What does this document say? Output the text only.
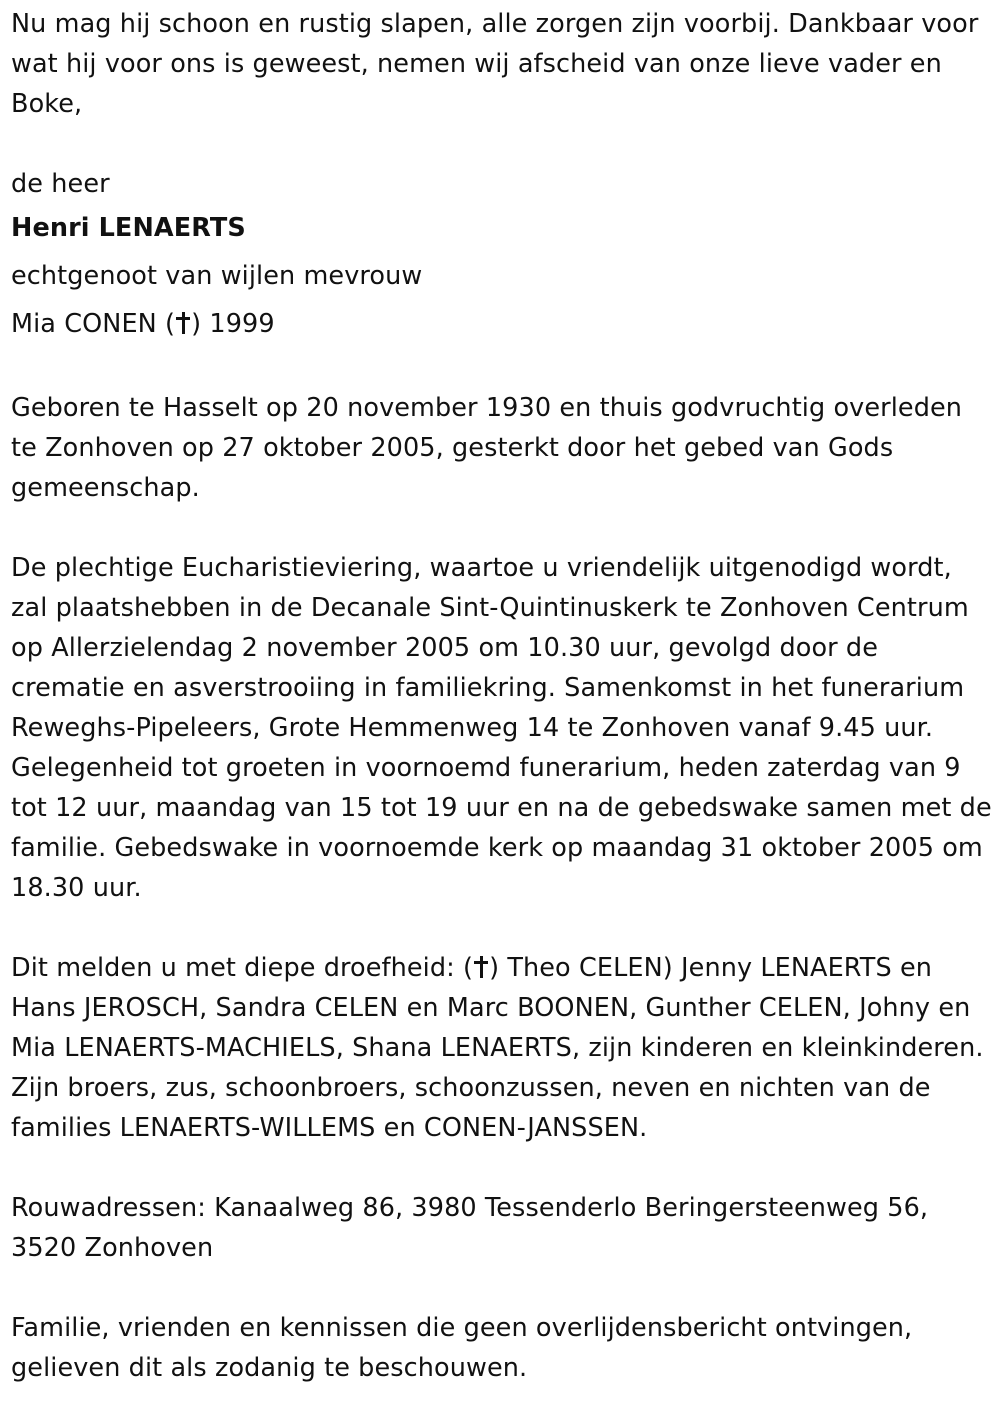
Nu mag hij schoon en rustig slapen, alle zorgen zijn voorbij. Dankbaar voor wat hij voor ons is geweest, nemen wij afscheid van onze lieve vader en Boke,

de heer

Henri LENAERTS

echtgenoot van wijlen mevrouw

Mia CONEN ( ) 1999

Geboren te Hasselt op 20 november 1930 en thuis godvruchtig overleden te Zonhoven op 27 oktober 2005, gesterkt door het gebed van Gods gemeenschap.

De plechtige Eucharistieviering, waartoe u vriendelijk uitgenodigd wordt, zal plaatshebben in de Decanale Sint-Quintinuskerk te Zonhoven Centrum op Allerzielendag 2 november 2005 om 10.30 uur, gevolgd door de crematie en asverstrooiing in familiekring. Samenkomst in het funerarium Reweghs-Pipeleers, Grote Hemmenweg 14 te Zonhoven vanaf 9.45 uur. Gelegenheid tot groeten in voornoemd funerarium, heden zaterdag van 9 tot 12 uur, maandag van 15 tot 19 uur en na de gebedswake samen met de familie. Gebedswake in voornoemde kerk op maandag 31 oktober 2005 om 18.30 uur.

Dit melden u met diepe droefheid: ( ) Theo CELEN) Jenny LENAERTS en Hans JEROSCH, Sandra CELEN en Marc BOONEN, Gunther CELEN, Johny en Mia LENAERTS-MACHIELS, Shana LENAERTS, zijn kinderen en kleinkinderen. Zijn broers, zus, schoonbroers, schoonzussen, neven en nichten van de families LENAERTS-WILLEMS en CONEN-JANSSEN.

Rouwadressen: Kanaalweg 86, 3980 Tessenderlo Beringersteenweg 56, 3520 Zonhoven

Familie, vrienden en kennissen die geen overlijdensbericht ontvingen, gelieven dit als zodanig te beschouwen.
